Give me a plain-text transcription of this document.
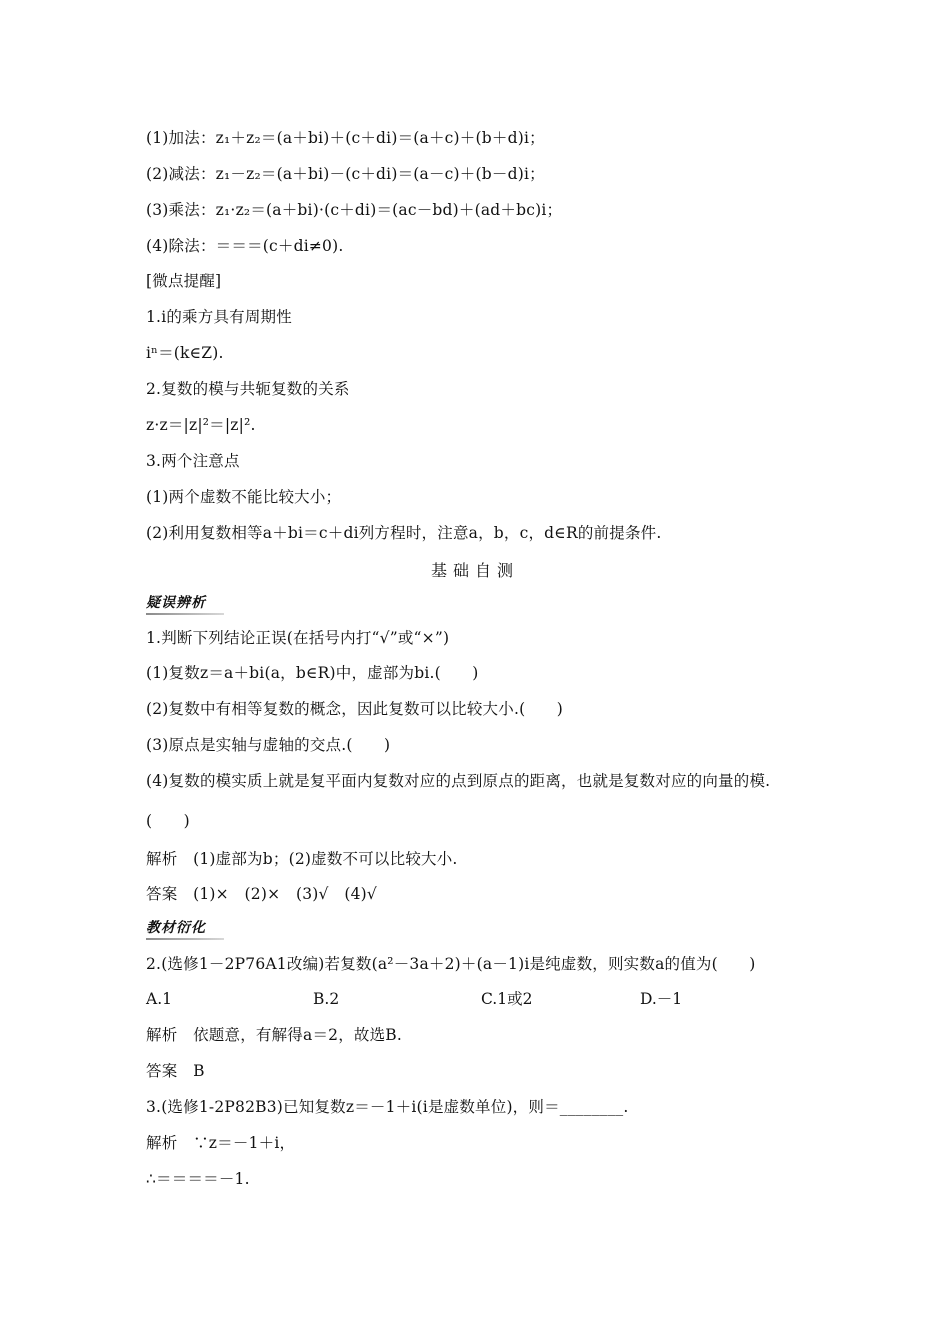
(1)加法：z₁＋z₂＝(a＋bi)＋(c＋di)＝(a＋c)＋(b＋d)i；
(2)减法：z₁－z₂＝(a＋bi)－(c＋di)＝(a－c)＋(b－d)i；
(3)乘法：z₁·z₂＝(a＋bi)·(c＋di)＝(ac－bd)＋(ad＋bc)i；
(4)除法：＝＝＝(c＋di≠0).
[微点提醒]
1.i的乘方具有周期性
iⁿ＝(k∈Z).
2.复数的模与共轭复数的关系
z·z＝|z|²＝|z|².
3.两个注意点
(1)两个虚数不能比较大小；
(2)利用复数相等a＋bi＝c＋di列方程时，注意a，b，c，d∈R的前提条件.
基础自测
疑误辨析
1.判断下列结论正误(在括号内打“√”或“×”)
(1)复数z＝a＋bi(a，b∈R)中，虚部为bi.(　　)
(2)复数中有相等复数的概念，因此复数可以比较大小.(　　)
(3)原点是实轴与虚轴的交点.(　　)
(4)复数的模实质上就是复平面内复数对应的点到原点的距离，也就是复数对应的向量的模.
(　　)
解析　(1)虚部为b；(2)虚数不可以比较大小.
答案　(1)×　(2)×　(3)√　(4)√
教材衍化
2.(选修1－2P76A1改编)若复数(a²－3a＋2)＋(a－1)i是纯虚数，则实数a的值为(　　)
A.1	B.2	C.1或2	D.－1
解析　依题意，有解得a＝2，故选B.
答案　B
3.(选修1-2P82B3)已知复数z＝－1＋i(i是虚数单位)，则＝________.
解析　∵z＝－1＋i，
∴＝＝＝＝－1.
